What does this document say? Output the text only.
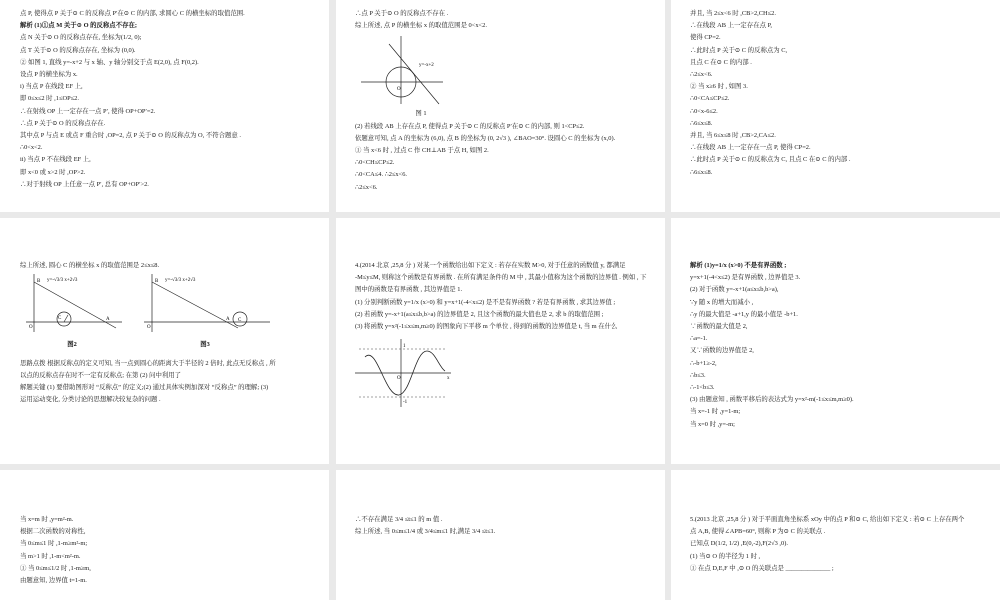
点 P, 使得点 P 关于⊙ C 的反称点 P′在⊙ C 的内部, 求圆心 C 的横坐标的取值范围.
解析 (1)①点 M 关于⊙ O 的反称点不存在;
点 N 关于⊙ O 的反称点存在, 坐标为(1/2, 0);
点 T 关于⊙ O 的反称点存在, 坐标为 (0,0).
② 如图 1, 直线 y=-x+2 与 x 轴、y 轴分别交于点 E(2,0), 点 F(0,2).
设点 P 的横坐标为 x.
i) 当点 P 在线段 EF 上,
即 0≤x≤2 时 ,1≤OP≤2.
∴在射线 OP 上一定存在一点 P′, 使得 OP+OP′=2.
∴点 P 关于⊙ O 的反称点存在.
其中点 P 与点 E 或点 F 重合时 ,OP=2, 点 P 关于⊙ O 的反称点为 O, 不符合题意 .
∴0<x<2.
ii) 当点 P 不在线段 EF 上,
即 x<0 或 x>2 时 ,OP>2.
∴对于射线 OP 上任意一点 P′, 总有 OP+OP′>2.
∴点 P 关于⊙ O 的反称点不存在 .
综上所述, 点 P 的横坐标 x 的取值范围是 0<x<2.
y=-x+2
O
图 1
(2) 若线段 AB 上存在点 P, 使得点 P 关于⊙ C 的反称点 P′在⊙ C 的内部, 则 1<CP≤2.
依题意可知, 点 A 的坐标为 (6,0), 点 B 的坐标为 (0, 2√3 ), ∠BAO=30°. 设圆心 C 的坐标为 (x,0).
① 当 x<6 时 , 过点 C 作 CH⊥AB 于点 H, 如图 2.
∴0<CH≤CP≤2.
∴0<CA≤4. ∴2≤x<6.
∴2≤x<6.
并且, 当 2≤x<6 时 ,CB>2,CH≤2.
∴在线段 AB 上一定存在点 P,
使得 CP=2.
∴此时点 P 关于⊙ C 的反称点为 C,
且点 C 在⊙ C 的内部 .
∴2≤x<6.
② 当 x≥6 时 , 如图 3.
∴0<CA≤CP≤2.
∴0<x-6≤2.
∴6≤x≤8.
并且, 当 6≤x≤8 时 ,CB>2,CA≤2.
∴在线段 AB 上一定存在一点 P, 使得 CP=2.
∴此时点 P 关于⊙ C 的反称点为 C, 且点 C 在⊙ C 的内部 .
∴6≤x≤8.
综上所述, 圆心 C 的横坐标 x 的取值范围是 2≤x≤8.
B y=-√3/3 x+2√3
C	A
O
图2
B y=-√3/3 x+2√3
C
A
O
图3
思路点拨 根据反称点的定义可知, 当一点到圆心的距离大于半径的 2 倍时, 此点无反称点 , 所
以点的反称点存在时不一定有反称点; 在第 (2) 问中利用了
解题关键 (1) 要借助图形对 “反称点” 的定义;(2) 通过具体实例加深对 “反称点” 的理解; (3)
运用运动变化, 分类讨论的思想解决较复杂的问题 .
4.(2014 北京 ,25,8 分 ) 对某一个函数给出如下定义 : 若存在实数 M>0, 对于任意的函数值 y, 都满足
-M≤y≤M, 则称这个函数是有界函数 . 在所有满足条件的 M 中 , 其最小值称为这个函数的边界值 . 例如 , 下图中的函数是有界函数 , 其边界值是 1.
(1) 分别判断函数 y=1/x (x>0) 和 y=x+1(-4<x≤2) 是不是有界函数 ? 若是有界函数 , 求其边界值 ;
(2) 若函数 y=-x+1(a≤x≤b,b>a) 的边界值是 2, 且这个函数的最大值也是 2, 求 b 的取值范围 ;
(3) 将函数 y=x²(-1≤x≤m,m≥0) 的图象向下平移 m 个单位 , 得到的函数的边界值是 t, 当 m 在什么
1
-1
x
O
解析 (1)y=1/x (x>0) 不是有界函数 ;
y=x+1(-4<x≤2) 是有界函数 , 边界值是 3.
(2) 对于函数 y=-x+1(a≤x≤b,b>a),
∵y 随 x 的增大而减小 ,
∴y 的最大值是 -a+1,y 的最小值是 -b+1.
∵函数的最大值是 2,
∴a=-1.
又∵函数的边界值是 2,
∴-b+1≥-2,
∴b≤3.
∴-1<b≤3.
(3) 由题意知 , 函数平移后的表达式为 y=x²-m(-1≤x≤m,m≥0).
当 x=-1 时 ,y=1-m;
当 x=0 时 ,y=-m;
当 x=m 时 ,y=m²-m.
根据二次函数的对称性,
当 0≤m≤1 时 ,1-m≥m²-m;
当 m>1 时 ,1-m<m²-m.
① 当 0≤m≤1/2 时 ,1-m≥m,
由题意知, 边界值 t=1-m.
∴不存在满足 3/4 ≤t≤1 的 m 值 .
综上所述, 当 0≤m≤1/4 或 3/4≤m≤1 时,满足 3/4 ≤t≤1.
5.(2013 北京 ,25,8 分 ) 对于平面直角坐标系 xOy 中的点 P 和⊙ C, 给出如下定义 : 若⊙ C 上存在两个
点 A,B, 使得∠APB=60°, 则称 P 为⊙ C 的关联点 .
已知点 D(1/2, 1/2) ,E(0,-2),F(2√3 ,0).
(1) 当⊙ O 的半径为 1 时 ,
① 在点 D,E,F 中 ,⊙ O 的关联点是 ______________ ;
